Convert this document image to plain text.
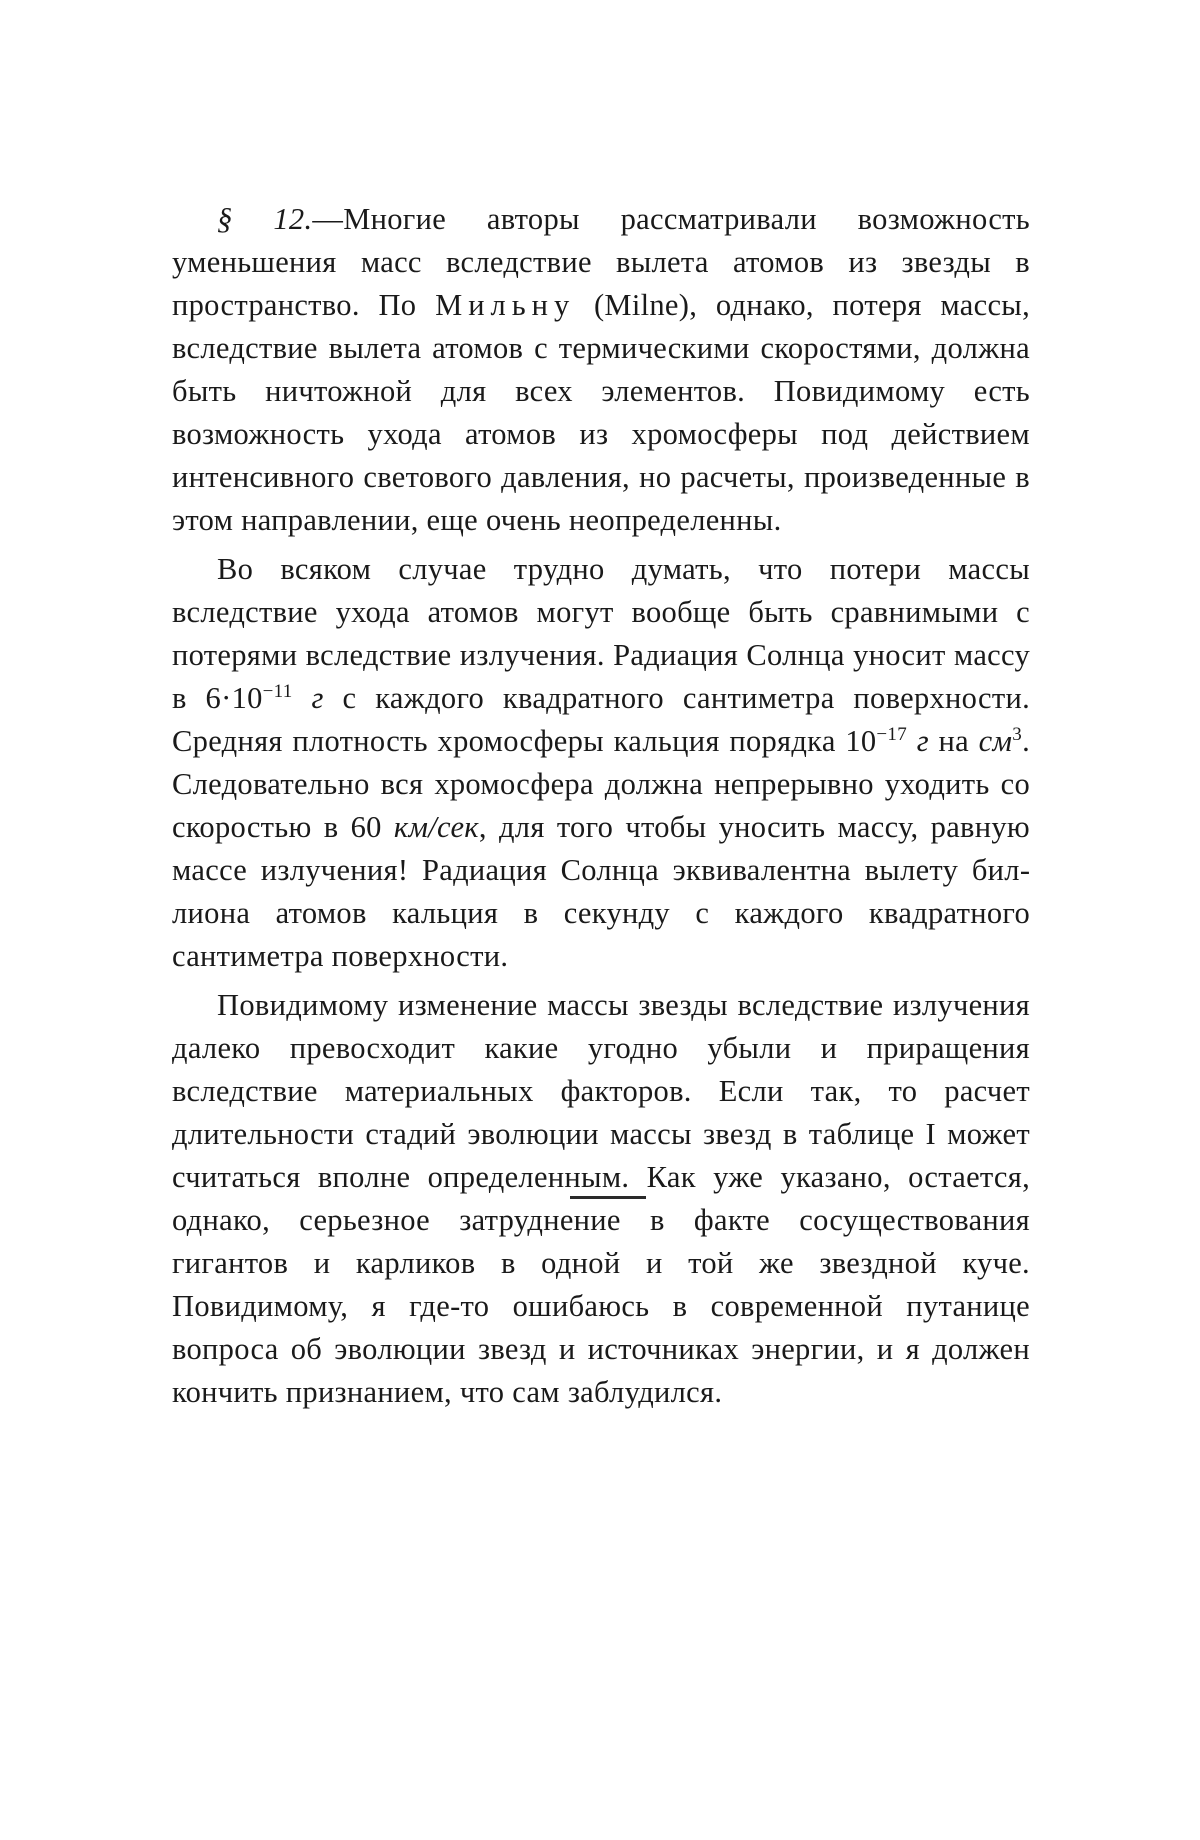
§ 12.—Многие авторы рассматривали возможность уменьшения масс вследствие вылета атомов из звезды в пространство. По Мильну (Milne), однако, потеря массы, вследствие вылета атомов с термическими скоростями, должна быть ничтожной для всех элементов. Повидимому есть возможность ухода атомов из хромосферы под действием интенсивного светового давления, но расчеты, произведенные в этом направлении, еще очень неопределенны.

Во всяком случае трудно думать, что потери массы вследствие ухода атомов могут вообще быть сравнимыми с потерями вследствие излучения. Радиация Солнца уносит массу в $6\cdot 10^{-11}$ г с каждого квадратного сантиметра поверхности. Средняя плотность хромосферы кальция порядка $10^{-17}$ г на $см^3$. Следовательно вся хромосфера должна непрерывно уходить со скоростью в 60 км/сек, для того чтобы уносить массу, равную массе излучения! Радиация Солнца эквивалентна вылету биллиона атомов кальция в секунду с каждого квадратного сантиметра поверхности.

Повидимому изменение массы звезды вследствие излучения далеко превосходит какие угодно убыли и приращения вследствие материальных факторов. Если так, то расчет длительности стадий эволюции массы звезд в таблице I может считаться вполне определенным. Как уже указано, остается, однако, серьезное затруднение в факте сосуществования гигантов и карликов в одной и той же звездной куче. Повидимому, я где-то ошибаюсь в современной путанице вопроса об эволюции звезд и источниках энергии, и я должен кончить признанием, что сам заблудился.
